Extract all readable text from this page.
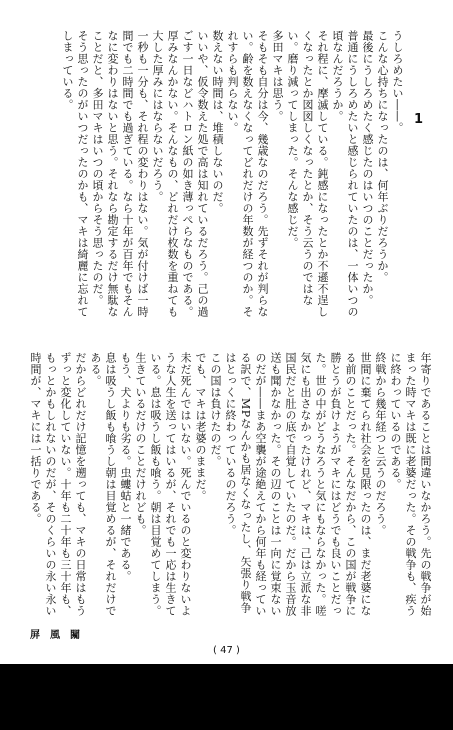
1
うしろめたい――。
こんな心持ちになったのは、何年ぶりだろうか。
最後にうしろめたく感じたのはいつのことだったか。
普通にうしろめたいと感じられていたのは、一体いつの頃なんだろうか。
それ程に、摩滅している。鈍感になったとか不遜不逞しくなったとか図図しくなったとか、そう云うのではない。磨り減ってしまった。そんな感じだ。
多田マキは思う。
そもそも自分は今、幾歳なのだろう。先ずそれが判らない。齢を数えなくなってどれだけの年数が経つのか。それすらも判らない。
数えない時間は、堆積しないのだ。
いいや、仮令数えた処で高は知れているだろう。己の過ごす一日などハトロン紙の如き薄っぺらなものである。厚みなんかない。そんなもの、どれだけ枚数を重ねても大した厚みにはならないだろう。
一秒も一分も、それ程の変わりはない。気が付けば一時間でも二時間でも過ぎている。なら十年が百年でもそんなに変わりはないと思う。それなら勘定するだけ無駄なことだと、多田マキはいつの頃からそう思ったのだ。
そう思ったのがいつだったのかも、マキは綺麗に忘れてしまっている。
年寄りであることは間違いなかろう。先の戦争が始まった時マキは既に老婆だった。その戦争も、疾うに終わっているのである。
終戦から幾年経つと云うのだろう。
世間に棄てられ社会を見限ったのは、まだ老婆になる前のことだった。そんなだから、この国が戦争に勝とうが負けようがマキにはどうでも良いことだった。世の中がどうなろうと気にもならなかった。嗟気にも出さなかったけれど、マキは、己は立派な非国民だと肚の底で自覚していたのだ。だから玉音放送も聞かなかった。その辺のことは一向に覚束ないのだが――まあ空襲が途絶えてから何年も経っている訳で、MPなんかも居なくなったし、矢張り戦争はとっくに終わっているのだろう。
この国は負けたのだ。
でも、マキは老婆のままだ。
未だ死んではいない。死んでいるのと変わりないような人生を送ってはいるが、それでも一応は生きている。息は吸うし飯も喰う。朝は目覚めてしまう。
生きているだけのことだけれども。
もう、犬よりも劣る。虫螻蛄と一緒である。
息は吸うし飯も喰うし朝は目覚めるが、それだけである。
だからどれだけ記憶を遡っても、マキの日常はもうずっと変化していない。十年も二十年も三十年も、もっとかもしれないのだが、そのくらいの永い永い時間が、マキには一括りである。
屏風闚
( 47 )
